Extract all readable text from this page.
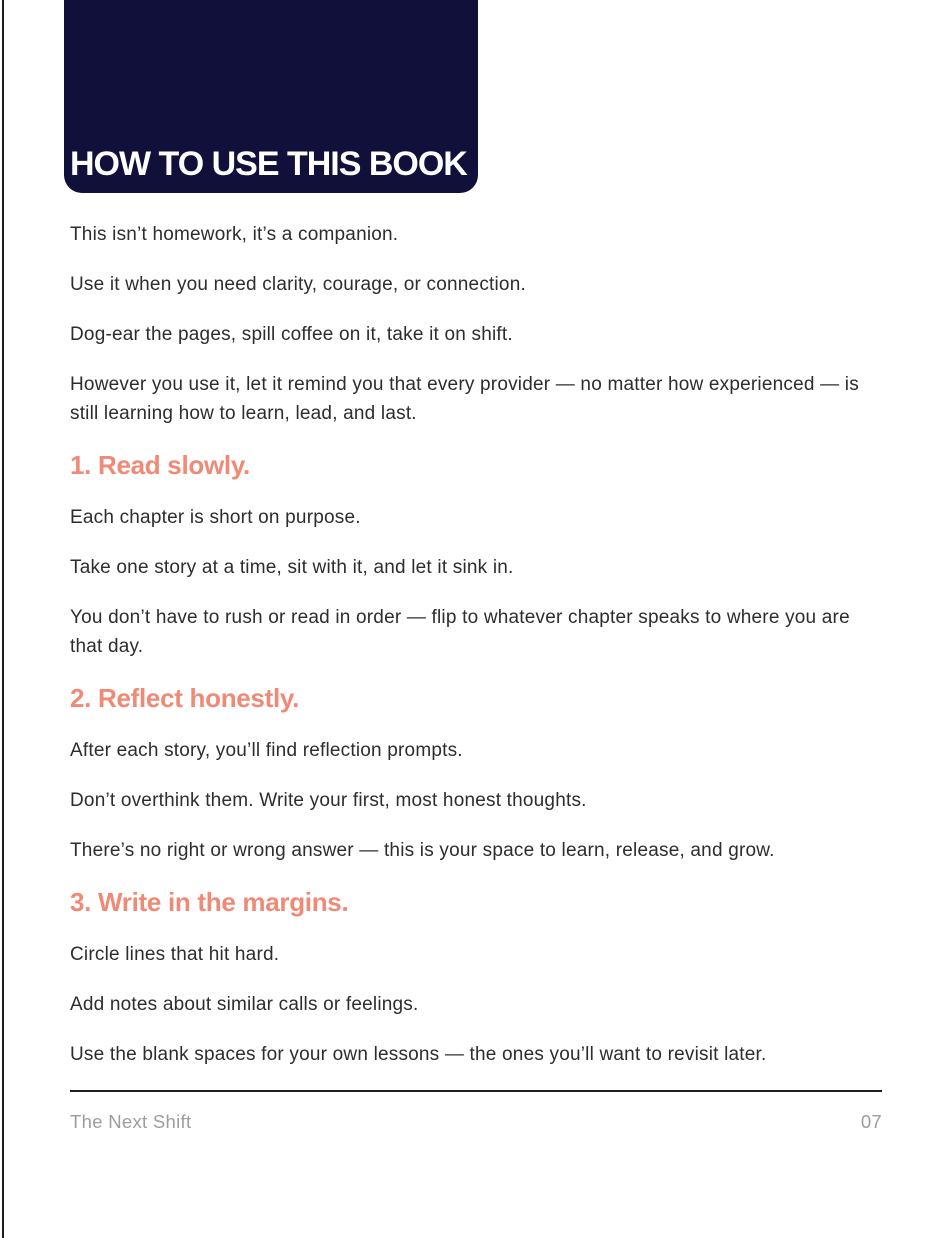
HOW TO USE THIS BOOK

This isn’t homework, it’s a companion.

Use it when you need clarity, courage, or connection.

Dog-ear the pages, spill coffee on it, take it on shift.

However you use it, let it remind you that every provider — no matter how experienced — is still learning how to learn, lead, and last.

1. Read slowly.

Each chapter is short on purpose.

Take one story at a time, sit with it, and let it sink in.

You don’t have to rush or read in order — flip to whatever chapter speaks to where you are that day.

2. Reflect honestly.

After each story, you’ll find reflection prompts.

Don’t overthink them. Write your first, most honest thoughts.

There’s no right or wrong answer — this is your space to learn, release, and grow.

3. Write in the margins.

Circle lines that hit hard.

Add notes about similar calls or feelings.

Use the blank spaces for your own lessons — the ones you’ll want to revisit later.

The Next Shift	07
